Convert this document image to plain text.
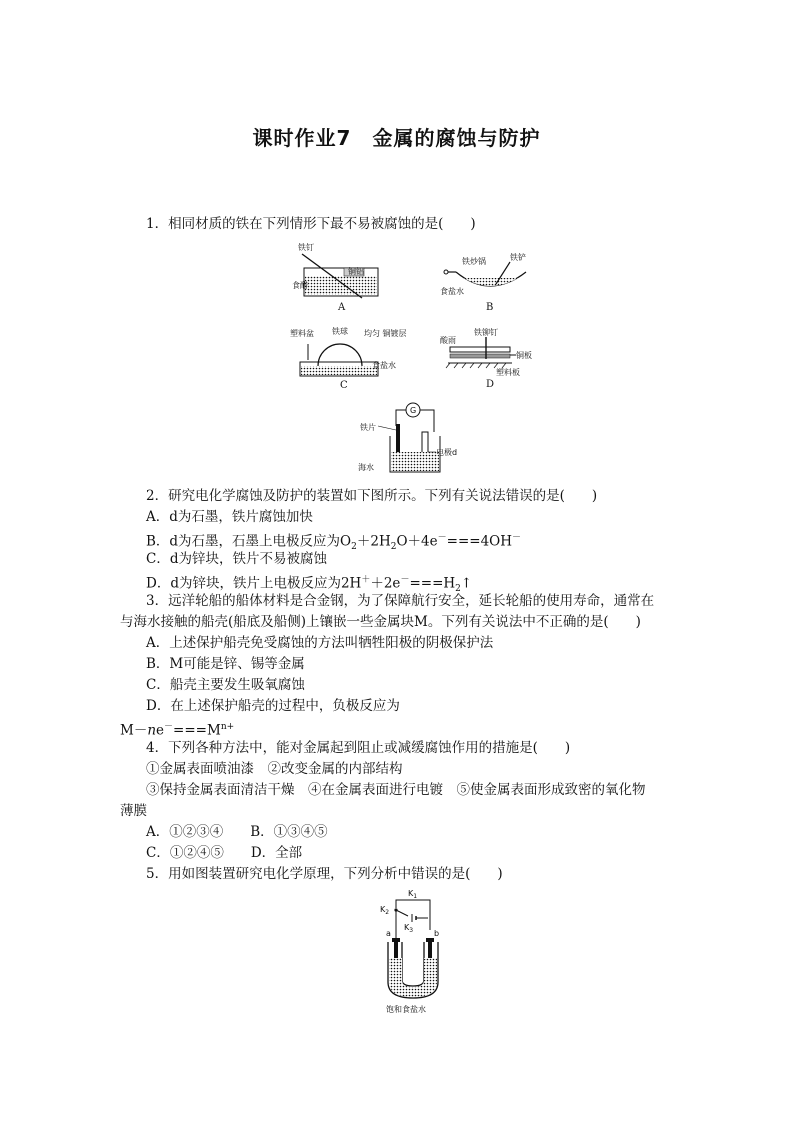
课时作业7　金属的腐蚀与防护
1．相同材质的铁在下列情形下最不易被腐蚀的是(　　)
铁钉
铜铝
食醋
A
铁炒锅	铁铲
食盐水
B
塑料盆 铁球 均匀 铜镀层
食盐水
C
酸雨
铁铆钉
铜板
塑料板
D
G
铁片
电极d
海水
2．研究电化学腐蚀及防护的装置如下图所示。下列有关说法错误的是(　　)
A．d为石墨，铁片腐蚀加快
B．d为石墨，石墨上电极反应为$O_2+2H_2O+4e^-===4OH^-$
C．d为锌块，铁片不易被腐蚀
D．d为锌块，铁片上电极反应为$2H^++2e^-===H_2↑$
3．远洋轮船的船体材料是合金钢，为了保障航行安全，延长轮船的使用寿命，通常在
与海水接触的船壳(船底及船侧)上镶嵌一些金属块M。下列有关说法中不正确的是(　　)
A．上述保护船壳免受腐蚀的方法叫牺牲阳极的阴极保护法
B．M可能是锌、锡等金属
C．船壳主要发生吸氧腐蚀
D．在上述保护船壳的过程中，负极反应为
$M-ne^-===M^{n+}$
4．下列各种方法中，能对金属起到阻止或减缓腐蚀作用的措施是(　　)
①金属表面喷油漆　②改变金属的内部结构
③保持金属表面清洁干燥　④在金属表面进行电镀　⑤使金属表面形成致密的氧化物
薄膜
A．①②③④　　B．①③④⑤
C．①②④⑤　　D．全部
5．用如图装置研究电化学原理，下列分析中错误的是(　　)
$K_1$
$K_2$
$K_3$
a	b
饱和食盐水
